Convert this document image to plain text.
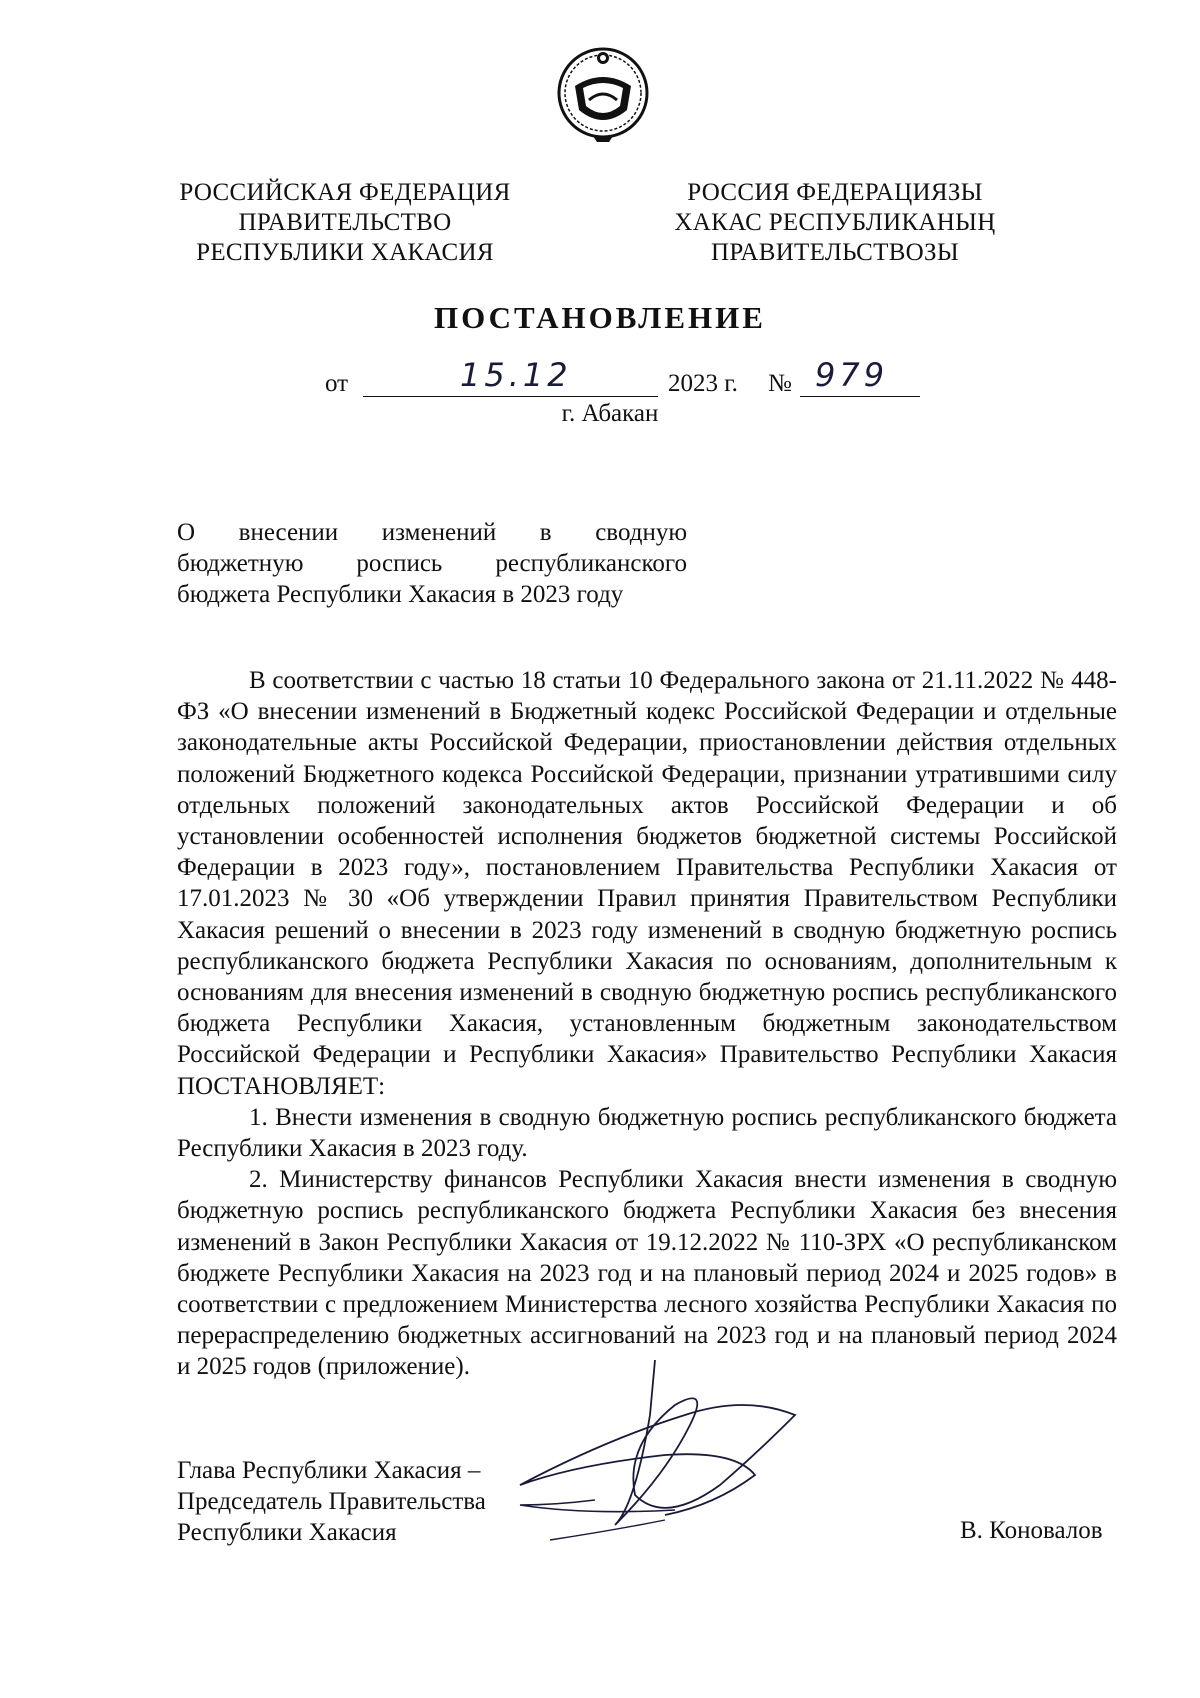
РОССИЙСКАЯ ФЕДЕРАЦИЯ
ПРАВИТЕЛЬСТВО
РЕСПУБЛИКИ ХАКАСИЯ
РОССИЯ ФЕДЕРАЦИЯЗЫ
ХАКАС РЕСПУБЛИКАНЫҢ
ПРАВИТЕЛЬСТВОЗЫ
ПОСТАНОВЛЕНИЕ
от	15.12	2023 г. № 979
г. Абакан
О внесении изменений в сводную
бюджетную роспись республиканского
бюджета Республики Хакасия в 2023 году

В соответствии с частью 18 статьи 10 Федерального закона от 21.11.2022 № 448-ФЗ «О внесении изменений в Бюджетный кодекс Российской Федерации и отдельные законодательные акты Российской Федерации, приостановлении действия отдельных положений Бюджетного кодекса Российской Федерации, признании утратившими силу отдельных положений законодательных актов Российской Федерации и об установлении особенностей исполнения бюджетов бюджетной системы Российской Федерации в 2023 году», постановлением Правительства Республики Хакасия от 17.01.2023 № 30 «Об утверждении Правил принятия Правительством Республики Хакасия решений о внесении в 2023 году изменений в сводную бюджетную роспись республиканского бюджета Республики Хакасия по основаниям, дополнительным к основаниям для внесения изменений в сводную бюджетную роспись республиканского бюджета Республики Хакасия, установленным бюджетным законодательством Российской Федерации и Республики Хакасия» Правительство Республики Хакасия ПОСТАНОВЛЯЕТ:

1. Внести изменения в сводную бюджетную роспись республиканского бюджета Республики Хакасия в 2023 году.

2. Министерству финансов Республики Хакасия внести изменения в сводную бюджетную роспись республиканского бюджета Республики Хакасия без внесения изменений в Закон Республики Хакасия от 19.12.2022 № 110-ЗРХ «О республиканском бюджете Республики Хакасия на 2023 год и на плановый период 2024 и 2025 годов» в соответствии с предложением Министерства лесного хозяйства Республики Хакасия по перераспределению бюджетных ассигнований на 2023 год и на плановый период 2024 и 2025 годов (приложение).

Глава Республики Хакасия –
Председатель Правительства
Республики Хакасия	В. Коновалов
